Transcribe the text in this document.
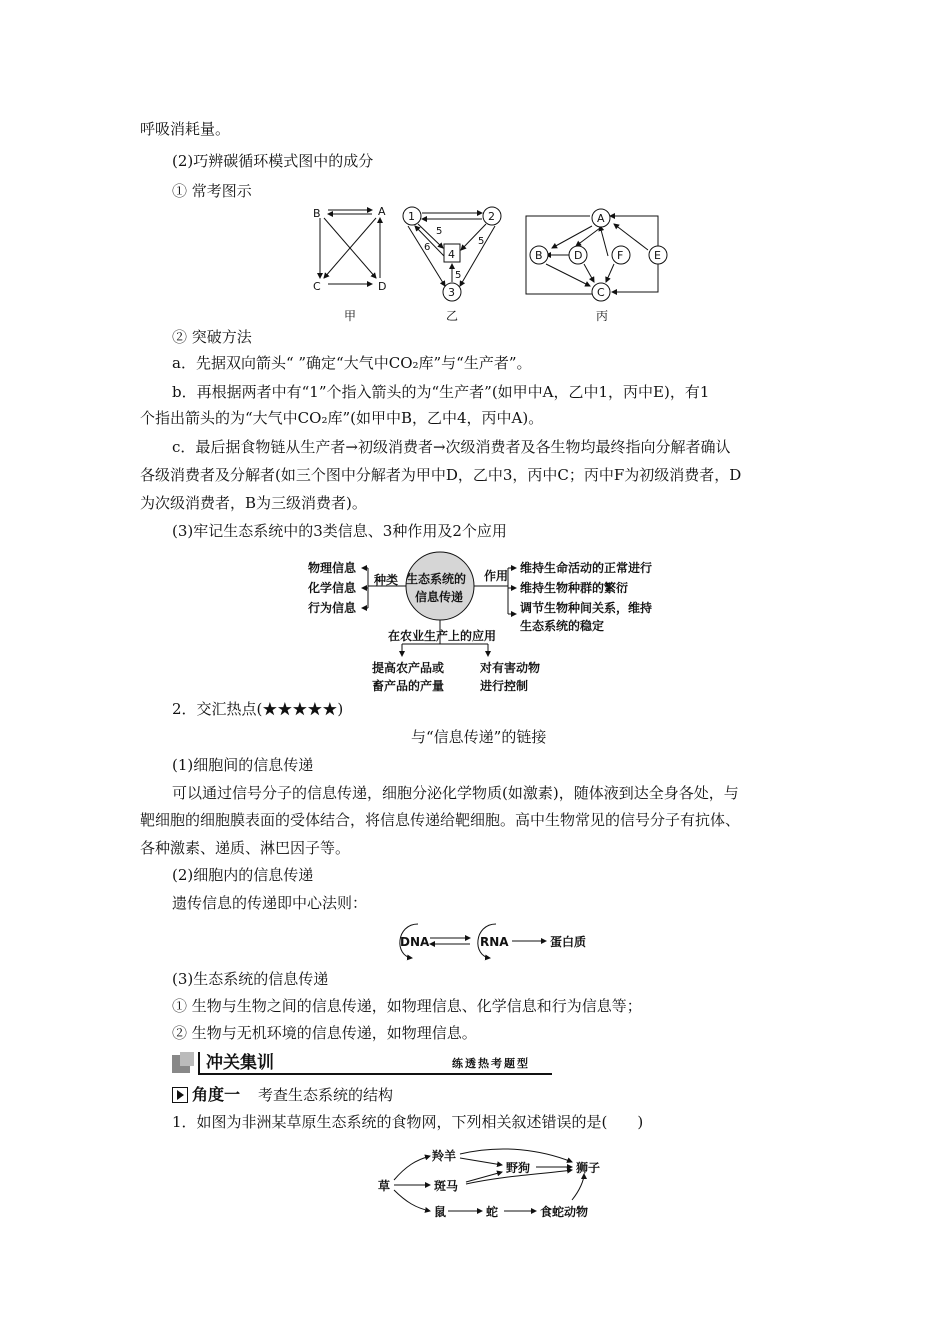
呼吸消耗量。
(2)巧辨碳循环模式图中的成分
① 常考图示
B	A
C	D
甲
1	2
3
4
5
5
5
6
乙
A
B	D	F	E
C
丙
② 突破方法
a．先据双向箭头“ ”确定“大气中CO₂库”与“生产者”。
b．再根据两者中有“1”个指入箭头的为“生产者”(如甲中A，乙中1，丙中E)，有1
个指出箭头的为“大气中CO₂库”(如甲中B，乙中4，丙中A)。
c．最后据食物链从生产者→初级消费者→次级消费者及各生物均最终指向分解者确认
各级消费者及分解者(如三个图中分解者为甲中D，乙中3，丙中C；丙中F为初级消费者，D
为次级消费者，B为三级消费者)。
(3)牢记生态系统中的3类信息、3种作用及2个应用
生态系统的
信息传递
物理信息
化学信息
行为信息
种类	作用
维持生命活动的正常进行
维持生物种群的繁衍
调节生物种间关系，维持
生态系统的稳定
在农业生产上的应用
提高农产品或
畜产品的产量
对有害动物
进行控制
2．交汇热点(★★★★★)
与“信息传递”的链接
(1)细胞间的信息传递
可以通过信号分子的信息传递，细胞分泌化学物质(如激素)，随体液到达全身各处，与
靶细胞的细胞膜表面的受体结合，将信息传递给靶细胞。高中生物常见的信号分子有抗体、
各种激素、递质、淋巴因子等。
(2)细胞内的信息传递
遗传信息的传递即中心法则：
DNA	RNA	蛋白质
(3)生态系统的信息传递
① 生物与生物之间的信息传递，如物理信息、化学信息和行为信息等；
② 生物与无机环境的信息传递，如物理信息。
冲关集训	练透热考题型
角度一 考查生态系统的结构
1．如图为非洲某草原生态系统的食物网，下列相关叙述错误的是(　　)
草
羚羊
斑马
鼠
野狗	狮子
蛇	食蛇动物
